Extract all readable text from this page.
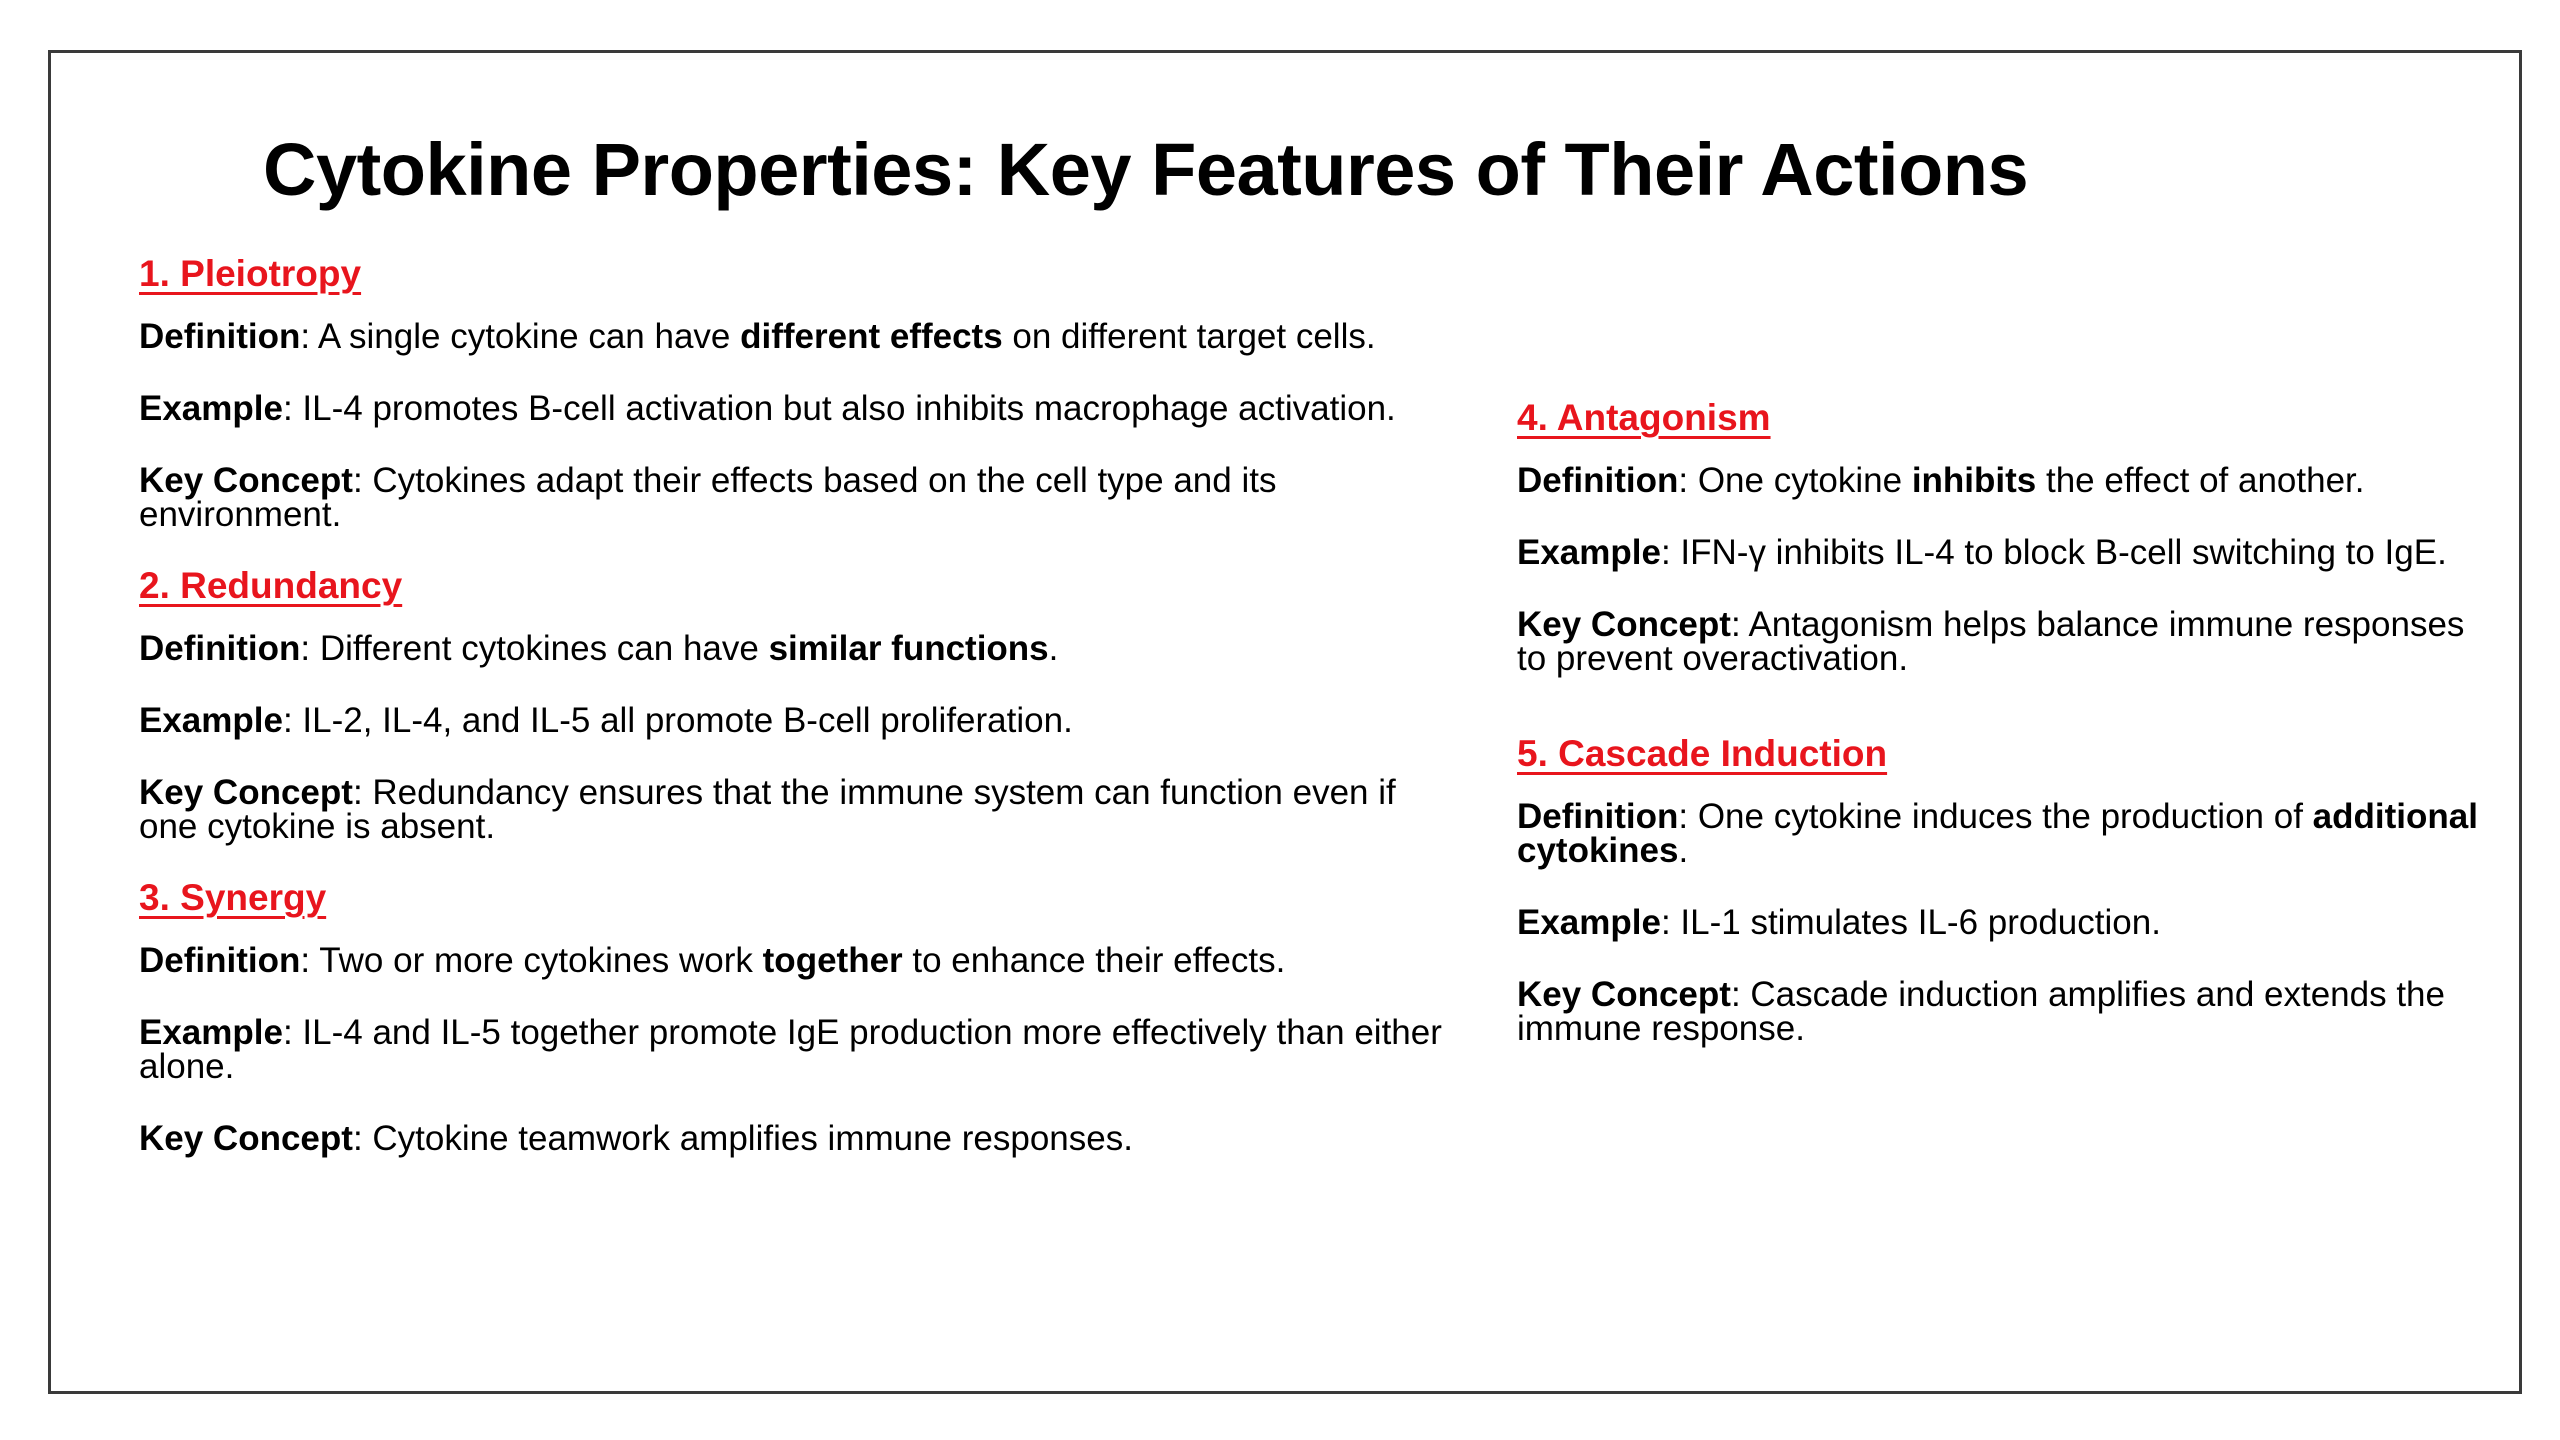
Cytokine Properties: Key Features of Their Actions
1. Pleiotropy

Definition: A single cytokine can have different effects on different target cells.

Example: IL-4 promotes B-cell activation but also inhibits macrophage activation.

Key Concept: Cytokines adapt their effects based on the cell type and its environment.

2. Redundancy

Definition: Different cytokines can have similar functions.

Example: IL-2, IL-4, and IL-5 all promote B-cell proliferation.

Key Concept: Redundancy ensures that the immune system can function even if one cytokine is absent.

3. Synergy

Definition: Two or more cytokines work together to enhance their effects.

Example: IL-4 and IL-5 together promote IgE production more effectively than either alone.

Key Concept: Cytokine teamwork amplifies immune responses.

4. Antagonism

Definition: One cytokine inhibits the effect of another.

Example: IFN-γ inhibits IL-4 to block B-cell switching to IgE.

Key Concept: Antagonism helps balance immune responses to prevent overactivation.

5. Cascade Induction

Definition: One cytokine induces the production of additional cytokines.

Example: IL-1 stimulates IL-6 production.

Key Concept: Cascade induction amplifies and extends the immune response.
